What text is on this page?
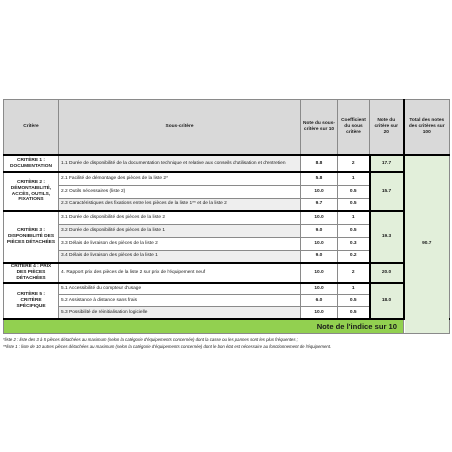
Critère	Sous-critère	Note du sous-critère sur 10	Coefficient du sous critère	Note du critère sur 20	Total des notes des critères sur 100	
CRITÈRE 1 : DOCUMENTATION	1.1 Durée de disponibilité de la documentation technique et relative aux conseils d'utilisation et d'entretien	8.8	2	17.7	90.7	
CRITÈRE 2 : DÉMONTABILITÉ, ACCÈS, OUTILS, FIXATIONS	2.1 Facilité de démontage des pièces de la liste 2*	5.8	1	15.7		
	2.2 Outils nécessaires (liste 2)	10.0	0.5			
	2.3 Caractéristiques des fixations entre les pièces de la liste 1** et de la liste 2	9.7	0.5			
CRITÈRE 3 : DISPONIBILITÉ DES PIÈCES DÉTACHÉES	3.1 Durée de disponibilité des pièces de la liste 2	10.0	1	19.3		
	3.2 Durée de disponibilité des pièces de la liste 1	9.0	0.5			
	3.3 Délais de livraison des pièces de la liste 2	10.0	0.3			
	3.4 Délais de livraison des pièces de la liste 1	9.0	0.2			
CRITÈRE 4 : PRIX DES PIÈCES DÉTACHÉES	4. Rapport prix des pièces de la liste 2 sur prix de l'équipement neuf	10.0	2	20.0		
CRITÈRE 5 : CRITÈRE SPÉCIFIQUE	5.1 Accessibilité du compteur d'usage	10.0	1	18.0		
	5.2 Assistance à distance sans frais	6.0	0.5			
	5.3 Possibilité de réinitialisation logicielle	10.0	0.5			
Note de l'indice sur 10	
*liste 2 : liste des 3 à 5 pièces détachées au maximum (selon la catégorie d'équipements concernée) dont la casse ou les pannes sont les plus fréquentes ;
**liste 1 : liste de 10 autres pièces détachées au maximum (selon la catégorie d'équipements concernée) dont le bon état est nécessaire au fonctionnement de l'équipement.
